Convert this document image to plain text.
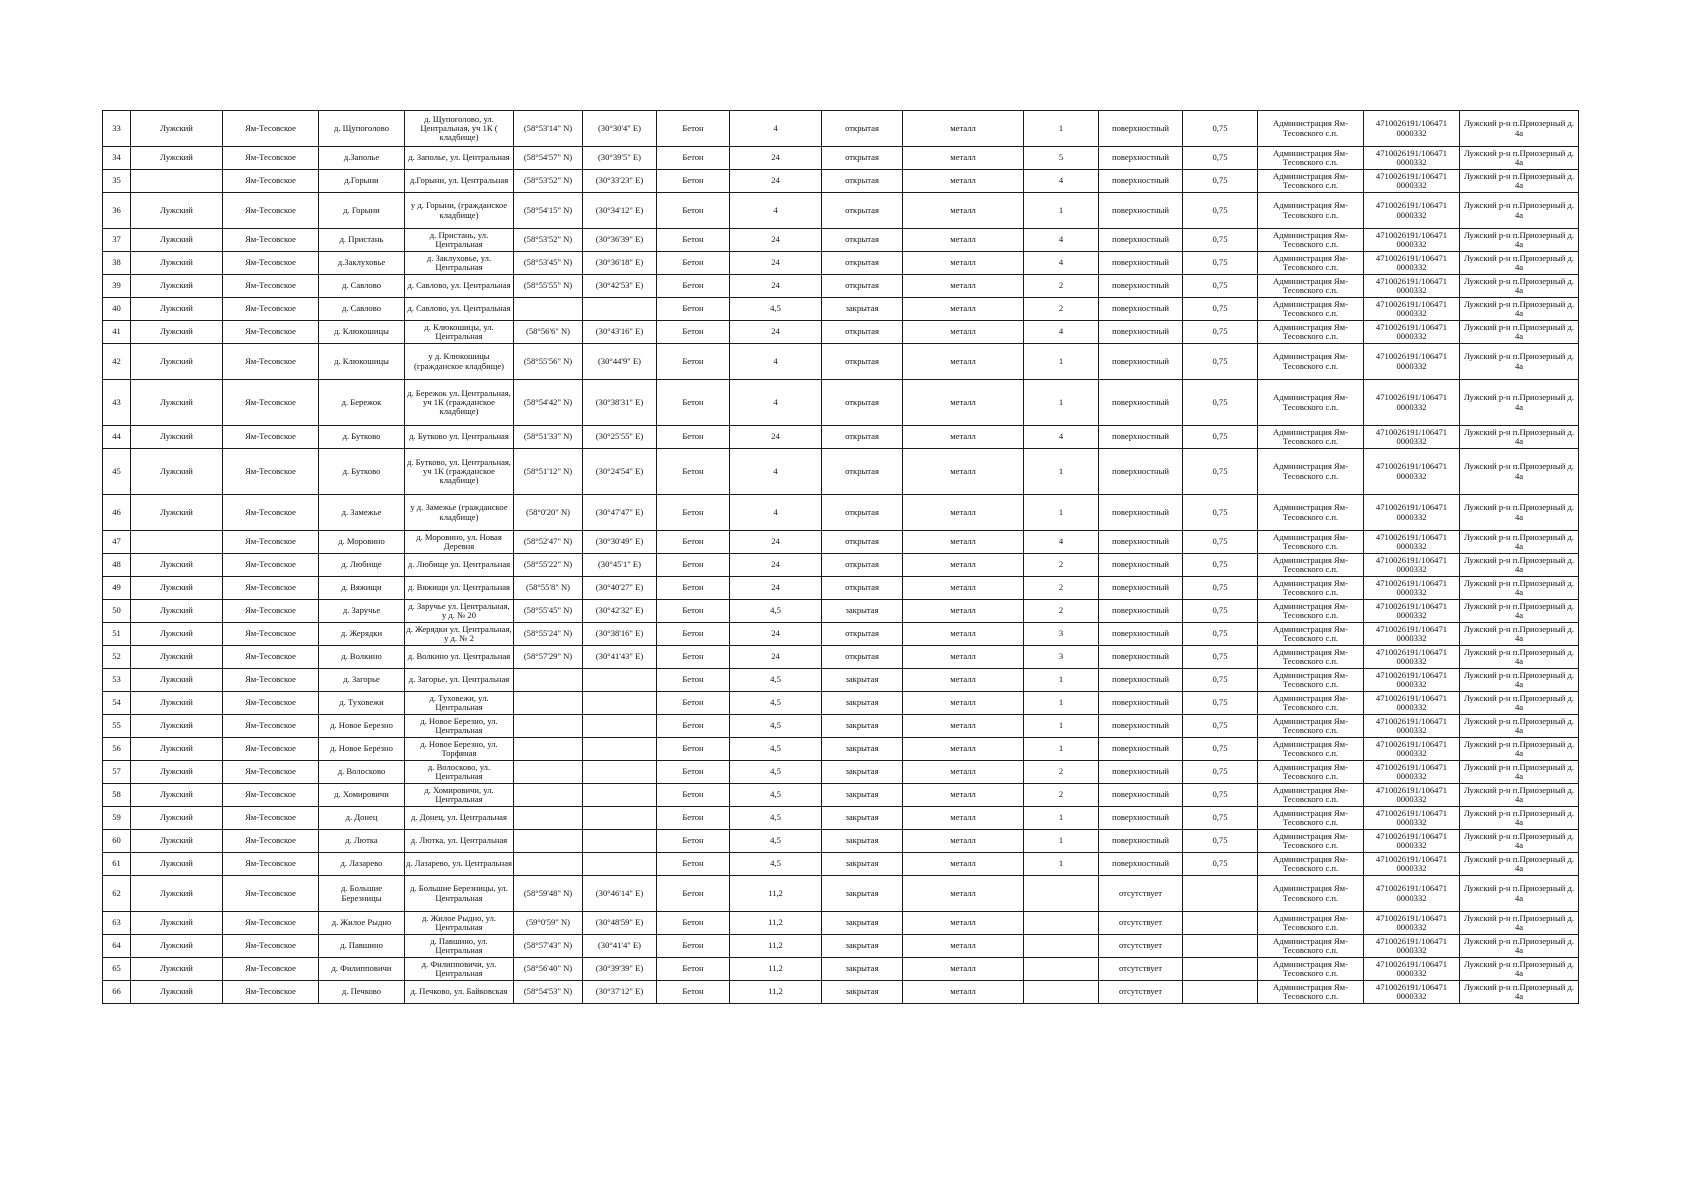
33	Лужский	Ям-Тесовское	д. Щупоголово	д. Щупоголово, ул. Центральная, уч 1К ( кладбище)	(58°53'14" N)	(30°30'4" E)	Бетон	4	открытая	металл	1	поверхностный	0,75	Администрация Ям-Тесовского с.п.	4710026191/106471 0000332	Лужский р-н п.Приозерный д. 4а
34	Лужский	Ям-Тесовское	д.Заполье	д. Заполье, ул. Центральная	(58°54'57" N)	(30°39'5" E)	Бетон	24	открытая	металл	5	поверхностный	0,75	Администрация Ям-Тесовского с.п.	4710026191/106471 0000332	Лужский р-н п.Приозерный д. 4а
35		Ям-Тесовское	д.Горыни	д.Горыни, ул. Центральная	(58°53'52" N)	(30°33'23" E)	Бетон	24	открытая	металл	4	поверхностный	0,75	Администрация Ям-Тесовского с.п.	4710026191/106471 0000332	Лужский р-н п.Приозерный д. 4а
36	Лужский	Ям-Тесовское	д. Горыни	у д. Горыни, (гражданское кладбище)	(58°54'15" N)	(30°34'12" E)	Бетон	4	открытая	металл	1	поверхностный	0,75	Администрация Ям-Тесовского с.п.	4710026191/106471 0000332	Лужский р-н п.Приозерный д. 4а
37	Лужский	Ям-Тесовское	д. Пристань	д. Пристань, ул. Центральная	(58°53'52" N)	(30°36'39" E)	Бетон	24	открытая	металл	4	поверхностный	0,75	Администрация Ям-Тесовского с.п.	4710026191/106471 0000332	Лужский р-н п.Приозерный д. 4а
38	Лужский	Ям-Тесовское	д.Заклуховье	д. Заклуховье, ул. Центральная	(58°53'45" N)	(30°36'18" E)	Бетон	24	открытая	металл	4	поверхностный	0,75	Администрация Ям-Тесовского с.п.	4710026191/106471 0000332	Лужский р-н п.Приозерный д. 4а
39	Лужский	Ям-Тесовское	д. Савлово	д. Савлово, ул. Центральная	(58°55'55" N)	(30°42'53" E)	Бетон	24	открытая	металл	2	поверхностный	0,75	Администрация Ям-Тесовского с.п.	4710026191/106471 0000332	Лужский р-н п.Приозерный д. 4а
40	Лужский	Ям-Тесовское	д. Савлово	д. Савлово, ул. Центральная			Бетон	4,5	закрытая	металл	2	поверхностный	0,75	Администрация Ям-Тесовского с.п.	4710026191/106471 0000332	Лужский р-н п.Приозерный д. 4а
41	Лужский	Ям-Тесовское	д. Клюкошицы	д. Клюкошицы, ул. Центральная	(58°56'6" N)	(30°43'16" E)	Бетон	24	открытая	металл	4	поверхностный	0,75	Администрация Ям-Тесовского с.п.	4710026191/106471 0000332	Лужский р-н п.Приозерный д. 4а
42	Лужский	Ям-Тесовское	д. Клюкошицы	у д. Клюкошицы (гражданское кладбище)	(58°55'56" N)	(30°44'9" E)	Бетон	4	открытая	металл	1	поверхностный	0,75	Администрация Ям-Тесовского с.п.	4710026191/106471 0000332	Лужский р-н п.Приозерный д. 4а
43	Лужский	Ям-Тесовское	д. Бережок	д. Бережок ул. Центральная, уч 1К (гражданское кладбище)	(58°54'42" N)	(30°38'31" E)	Бетон	4	открытая	металл	1	поверхностный	0,75	Администрация Ям-Тесовского с.п.	4710026191/106471 0000332	Лужский р-н п.Приозерный д. 4а
44	Лужский	Ям-Тесовское	д. Бутково	д. Бутково ул. Центральная	(58°51'33" N)	(30°25'55" E)	Бетон	24	открытая	металл	4	поверхностный	0,75	Администрация Ям-Тесовского с.п.	4710026191/106471 0000332	Лужский р-н п.Приозерный д. 4а
45	Лужский	Ям-Тесовское	д. Бутково	д. Бутково, ул. Центральная, уч 1К (гражданское кладбище)	(58°51'12" N)	(30°24'54" E)	Бетон	4	открытая	металл	1	поверхностный	0,75	Администрация Ям-Тесовского с.п.	4710026191/106471 0000332	Лужский р-н п.Приозерный д. 4а
46	Лужский	Ям-Тесовское	д. Замежье	у д. Замежье (гражданское кладбище)	(58°0'20" N)	(30°47'47" E)	Бетон	4	открытая	металл	1	поверхностный	0,75	Администрация Ям-Тесовского с.п.	4710026191/106471 0000332	Лужский р-н п.Приозерный д. 4а
47		Ям-Тесовское	д. Моровино	д. Моровино, ул. Новая Деревня	(58°52'47" N)	(30°30'49" E)	Бетон	24	открытая	металл	4	поверхностный	0,75	Администрация Ям-Тесовского с.п.	4710026191/106471 0000332	Лужский р-н п.Приозерный д. 4а
48	Лужский	Ям-Тесовское	д. Любище	д. Любище ул. Центральная	(58°55'22" N)	(30°45'1" E)	Бетон	24	открытая	металл	2	поверхностный	0,75	Администрация Ям-Тесовского с.п.	4710026191/106471 0000332	Лужский р-н п.Приозерный д. 4а
49	Лужский	Ям-Тесовское	д. Вяжищи	д. Вяжищи ул. Центральная	(58°55'8" N)	(30°40'27" E)	Бетон	24	открытая	металл	2	поверхностный	0,75	Администрация Ям-Тесовского с.п.	4710026191/106471 0000332	Лужский р-н п.Приозерный д. 4а
50	Лужский	Ям-Тесовское	д. Заручье	д. Заручье ул. Центральная, у д. № 20	(58°55'45" N)	(30°42'32" E)	Бетон	4,5	закрытая	металл	2	поверхностный	0,75	Администрация Ям-Тесовского с.п.	4710026191/106471 0000332	Лужский р-н п.Приозерный д. 4а
51	Лужский	Ям-Тесовское	д. Жерядки	д. Жерядки ул. Центральная, у д. № 2	(58°55'24" N)	(30°38'16" E)	Бетон	24	открытая	металл	3	поверхностный	0,75	Администрация Ям-Тесовского с.п.	4710026191/106471 0000332	Лужский р-н п.Приозерный д. 4а
52	Лужский	Ям-Тесовское	д. Волкино	д. Волкино ул. Центральная	(58°57'29" N)	(30°41'43" E)	Бетон	24	открытая	металл	3	поверхностный	0,75	Администрация Ям-Тесовского с.п.	4710026191/106471 0000332	Лужский р-н п.Приозерный д. 4а
53	Лужский	Ям-Тесовское	д. Загорье	д. Загорье, ул. Центральная			Бетон	4,5	закрытая	металл	1	поверхностный	0,75	Администрация Ям-Тесовского с.п.	4710026191/106471 0000332	Лужский р-н п.Приозерный д. 4а
54	Лужский	Ям-Тесовское	д. Туховежи	д. Туховежи, ул. Центральная			Бетон	4,5	закрытая	металл	1	поверхностный	0,75	Администрация Ям-Тесовского с.п.	4710026191/106471 0000332	Лужский р-н п.Приозерный д. 4а
55	Лужский	Ям-Тесовское	д. Новое Березно	д. Новое Березно, ул. Центральная			Бетон	4,5	закрытая	металл	1	поверхностный	0,75	Администрация Ям-Тесовского с.п.	4710026191/106471 0000332	Лужский р-н п.Приозерный д. 4а
56	Лужский	Ям-Тесовское	д. Новое Березно	д. Новое Березно, ул. Торфяная			Бетон	4,5	закрытая	металл	1	поверхностный	0,75	Администрация Ям-Тесовского с.п.	4710026191/106471 0000332	Лужский р-н п.Приозерный д. 4а
57	Лужский	Ям-Тесовское	д. Волосково	д. Волосково, ул. Центральная			Бетон	4,5	закрытая	металл	2	поверхностный	0,75	Администрация Ям-Тесовского с.п.	4710026191/106471 0000332	Лужский р-н п.Приозерный д. 4а
58	Лужский	Ям-Тесовское	д. Хомировичи	д. Хомировичи, ул. Центральная			Бетон	4,5	закрытая	металл	2	поверхностный	0,75	Администрация Ям-Тесовского с.п.	4710026191/106471 0000332	Лужский р-н п.Приозерный д. 4а
59	Лужский	Ям-Тесовское	д. Донец	д. Донец, ул. Центральная			Бетон	4,5	закрытая	металл	1	поверхностный	0,75	Администрация Ям-Тесовского с.п.	4710026191/106471 0000332	Лужский р-н п.Приозерный д. 4а
60	Лужский	Ям-Тесовское	д. Лютка	д. Лютка, ул. Центральная			Бетон	4,5	закрытая	металл	1	поверхностный	0,75	Администрация Ям-Тесовского с.п.	4710026191/106471 0000332	Лужский р-н п.Приозерный д. 4а
61	Лужский	Ям-Тесовское	д. Лазарево	д. Лазарево, ул. Центральная			Бетон	4,5	закрытая	металл	1	поверхностный	0,75	Администрация Ям-Тесовского с.п.	4710026191/106471 0000332	Лужский р-н п.Приозерный д. 4а
62	Лужский	Ям-Тесовское	д. Большие Березницы	д. Большие Березницы, ул. Центральная	(58°59'48" N)	(30°46'14" E)	Бетон	11,2	закрытая	металл		отсутствует		Администрация Ям-Тесовского с.п.	4710026191/106471 0000332	Лужский р-н п.Приозерный д. 4а
63	Лужский	Ям-Тесовское	д. Жилое Рыдно	д. Жилое Рыдно, ул. Центральная	(59°0'59" N)	(30°48'59" E)	Бетон	11,2	закрытая	металл		отсутствует		Администрация Ям-Тесовского с.п.	4710026191/106471 0000332	Лужский р-н п.Приозерный д. 4а
64	Лужский	Ям-Тесовское	д. Павшино	д. Павшино, ул. Центральная	(58°57'43" N)	(30°41'4" E)	Бетон	11,2	закрытая	металл		отсутствует		Администрация Ям-Тесовского с.п.	4710026191/106471 0000332	Лужский р-н п.Приозерный д. 4а
65	Лужский	Ям-Тесовское	д. Филипповичи	д. Филипповичи, ул. Центральная	(58°56'40" N)	(30°39'39" E)	Бетон	11,2	закрытая	металл		отсутствует		Администрация Ям-Тесовского с.п.	4710026191/106471 0000332	Лужский р-н п.Приозерный д. 4а
66	Лужский	Ям-Тесовское	д. Печково	д. Печково, ул. Байковская	(58°54'53" N)	(30°37'12" E)	Бетон	11,2	закрытая	металл		отсутствует		Администрация Ям-Тесовского с.п.	4710026191/106471 0000332	Лужский р-н п.Приозерный д. 4а
